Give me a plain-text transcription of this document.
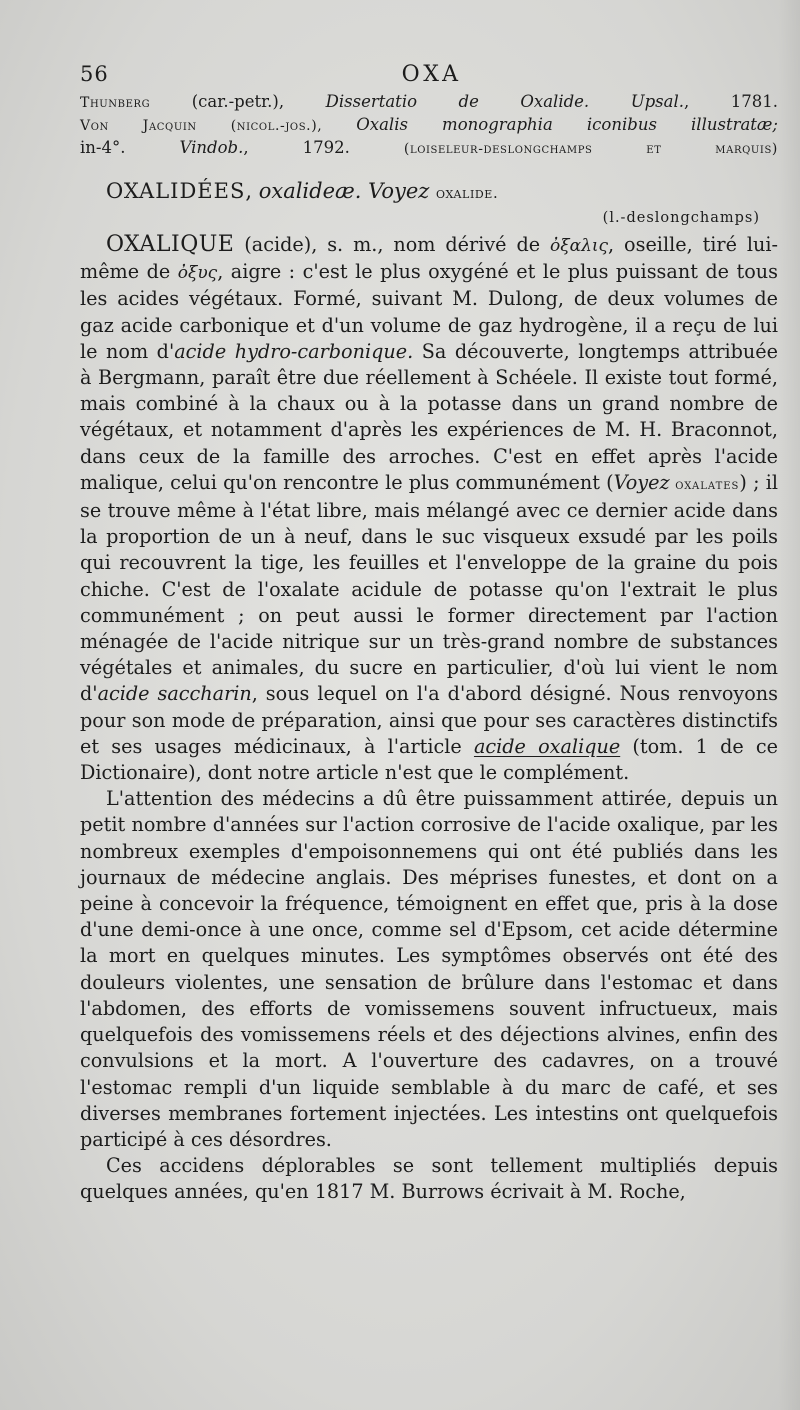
56	OXA

Thunberg	(car.-petr.), Dissertatio de Oxalide. Upsal., 1781.

Von Jacquin (nicol.-jos.), Oxalis monographia iconibus illustratæ;

in-4°. Vindob., 1792.	(loiseleur-deslongchamps et marquis)

OXALIDÉES, oxalideæ. Voyez oxalide.
(l.-deslongchamps)

OXALIQUE (acide), s. m., nom dérivé de ὀξαλις, oseille, tiré lui-même de ὀξυς, aigre : c'est le plus oxygéné et le plus puissant de tous les acides végétaux. Formé, suivant M. Dulong, de deux volumes de gaz acide carbonique et d'un volume de gaz hydrogène, il a reçu de lui le nom d'acide hydro-carbonique. Sa découverte, longtemps attribuée à Bergmann, paraît être due réellement à Schéele. Il existe tout formé, mais combiné à la chaux ou à la potasse dans un grand nombre de végétaux, et notamment d'après les expériences de M. H. Braconnot, dans ceux de la famille des arroches. C'est en effet après l'acide malique, celui qu'on rencontre le plus communément (Voyez oxalates) ; il se trouve même à l'état libre, mais mélangé avec ce dernier acide dans la proportion de un à neuf, dans le suc visqueux exsudé par les poils qui recouvrent la tige, les feuilles et l'enveloppe de la graine du pois chiche. C'est de l'oxalate acidule de potasse qu'on l'extrait le plus communément ; on peut aussi le former directement par l'action ménagée de l'acide nitrique sur un très-grand nombre de substances végétales et animales, du sucre en particulier, d'où lui vient le nom d'acide saccharin, sous lequel on l'a d'abord désigné. Nous renvoyons pour son mode de préparation, ainsi que pour ses caractères distinctifs et ses usages médicinaux, à l'article acide oxalique (tom. 1 de ce Dictionaire), dont notre article n'est que le complément.

L'attention des médecins a dû être puissamment attirée, depuis un petit nombre d'années sur l'action corrosive de l'acide oxalique, par les nombreux exemples d'empoisonnemens qui ont été publiés dans les journaux de médecine anglais. Des méprises funestes, et dont on a peine à concevoir la fréquence, témoignent en effet que, pris à la dose d'une demi-once à une once, comme sel d'Epsom, cet acide détermine la mort en quelques minutes. Les symptômes observés ont été des douleurs violentes, une sensation de brûlure dans l'estomac et dans l'abdomen, des efforts de vomissemens souvent infructueux, mais quelquefois des vomissemens réels et des déjections alvines, enfin des convulsions et la mort. A l'ouverture des cadavres, on a trouvé l'estomac rempli d'un liquide semblable à du marc de café, et ses diverses membranes fortement injectées. Les intestins ont quelquefois participé à ces désordres.

Ces accidens déplorables se sont tellement multipliés depuis quelques années, qu'en 1817 M. Burrows écrivait à M. Roche,
